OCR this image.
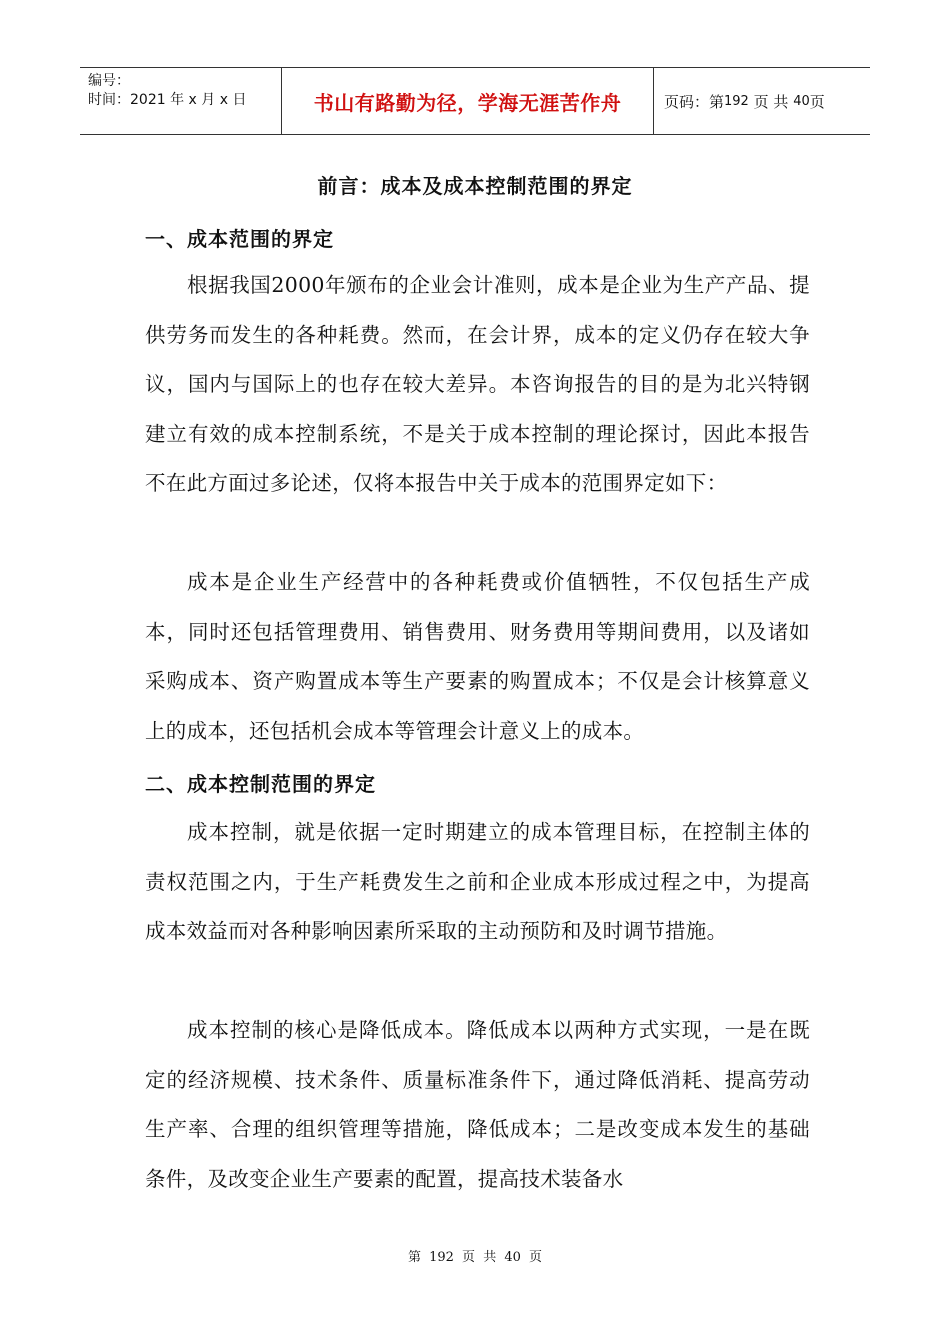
编号：
时间：2021 年 x 月 x 日	书山有路勤为径，学海无涯苦作舟	页码：第 192
页 共
40 页
前言：成本及成本控制范围的界定
一、成本范围的界定

根据我国2000年颁布的企业会计准则，成本是企业为生产产品、提供劳务而发生的各种耗费。然而，在会计界，成本的定义仍存在较大争议，国内与国际上的也存在较大差异。本咨询报告的目的是为北兴特钢建立有效的成本控制系统，不是关于成本控制的理论探讨，因此本报告不在此方面过多论述，仅将本报告中关于成本的范围界定如下：

成本是企业生产经营中的各种耗费或价值牺牲，不仅包括生产成本，同时还包括管理费用、销售费用、财务费用等期间费用，以及诸如采购成本、资产购置成本等生产要素的购置成本；不仅是会计核算意义上的成本，还包括机会成本等管理会计意义上的成本。

二、成本控制范围的界定

成本控制，就是依据一定时期建立的成本管理目标，在控制主体的责权范围之内，于生产耗费发生之前和企业成本形成过程之中，为提高成本效益而对各种影响因素所采取的主动预防和及时调节措施。

成本控制的核心是降低成本。降低成本以两种方式实现，一是在既定的经济规模、技术条件、质量标准条件下，通过降低消耗、提高劳动生产率、合理的组织管理等措施，降低成本；二是改变成本发生的基础条件，及改变企业生产要素的配置，提高技术装备水

第 192 页 共 40 页
